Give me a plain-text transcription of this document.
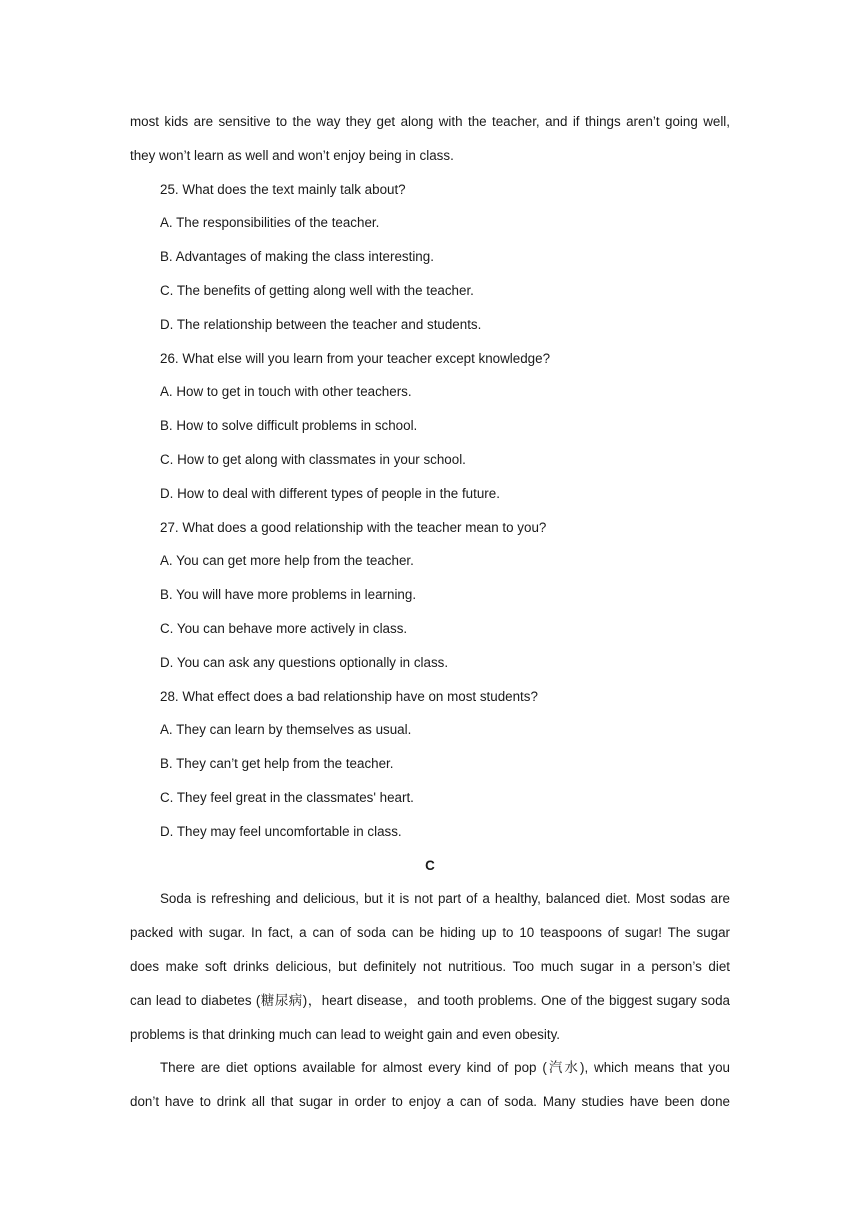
most kids are sensitive to the way they get along with the teacher, and if things aren’t going well,
they won’t learn as well and won’t enjoy being in class.
25. What does the text mainly talk about?
A. The responsibilities of the teacher.
B. Advantages of making the class interesting.
C. The benefits of getting along well with the teacher.
D. The relationship between the teacher and students.
26. What else will you learn from your teacher except knowledge?
A. How to get in touch with other teachers.
B. How to solve difficult problems in school.
C. How to get along with classmates in your school.
D. How to deal with different types of people in the future.
27. What does a good relationship with the teacher mean to you?
A. You can get more help from the teacher.
B. You will have more problems in learning.
C. You can behave more actively in class.
D. You can ask any questions optionally in class.
28. What effect does a bad relationship have on most students?
A. They can learn by themselves as usual.
B. They can’t get help from the teacher.
C. They feel great in the classmates' heart.
D. They may feel uncomfortable in class.
C
Soda is refreshing and delicious, but it is not part of a healthy, balanced diet. Most sodas are
packed with sugar. In fact, a can of soda can be hiding up to 10 teaspoons of sugar! The sugar
does make soft drinks delicious, but definitely not nutritious. Too much sugar in a person’s diet
can lead to diabetes (糖尿病)，heart disease，and tooth problems. One of the biggest sugary soda
problems is that drinking much can lead to weight gain and even obesity.
There are diet options available for almost every kind of pop (汽水), which means that you
don’t have to drink all that sugar in order to enjoy a can of soda. Many studies have been done
